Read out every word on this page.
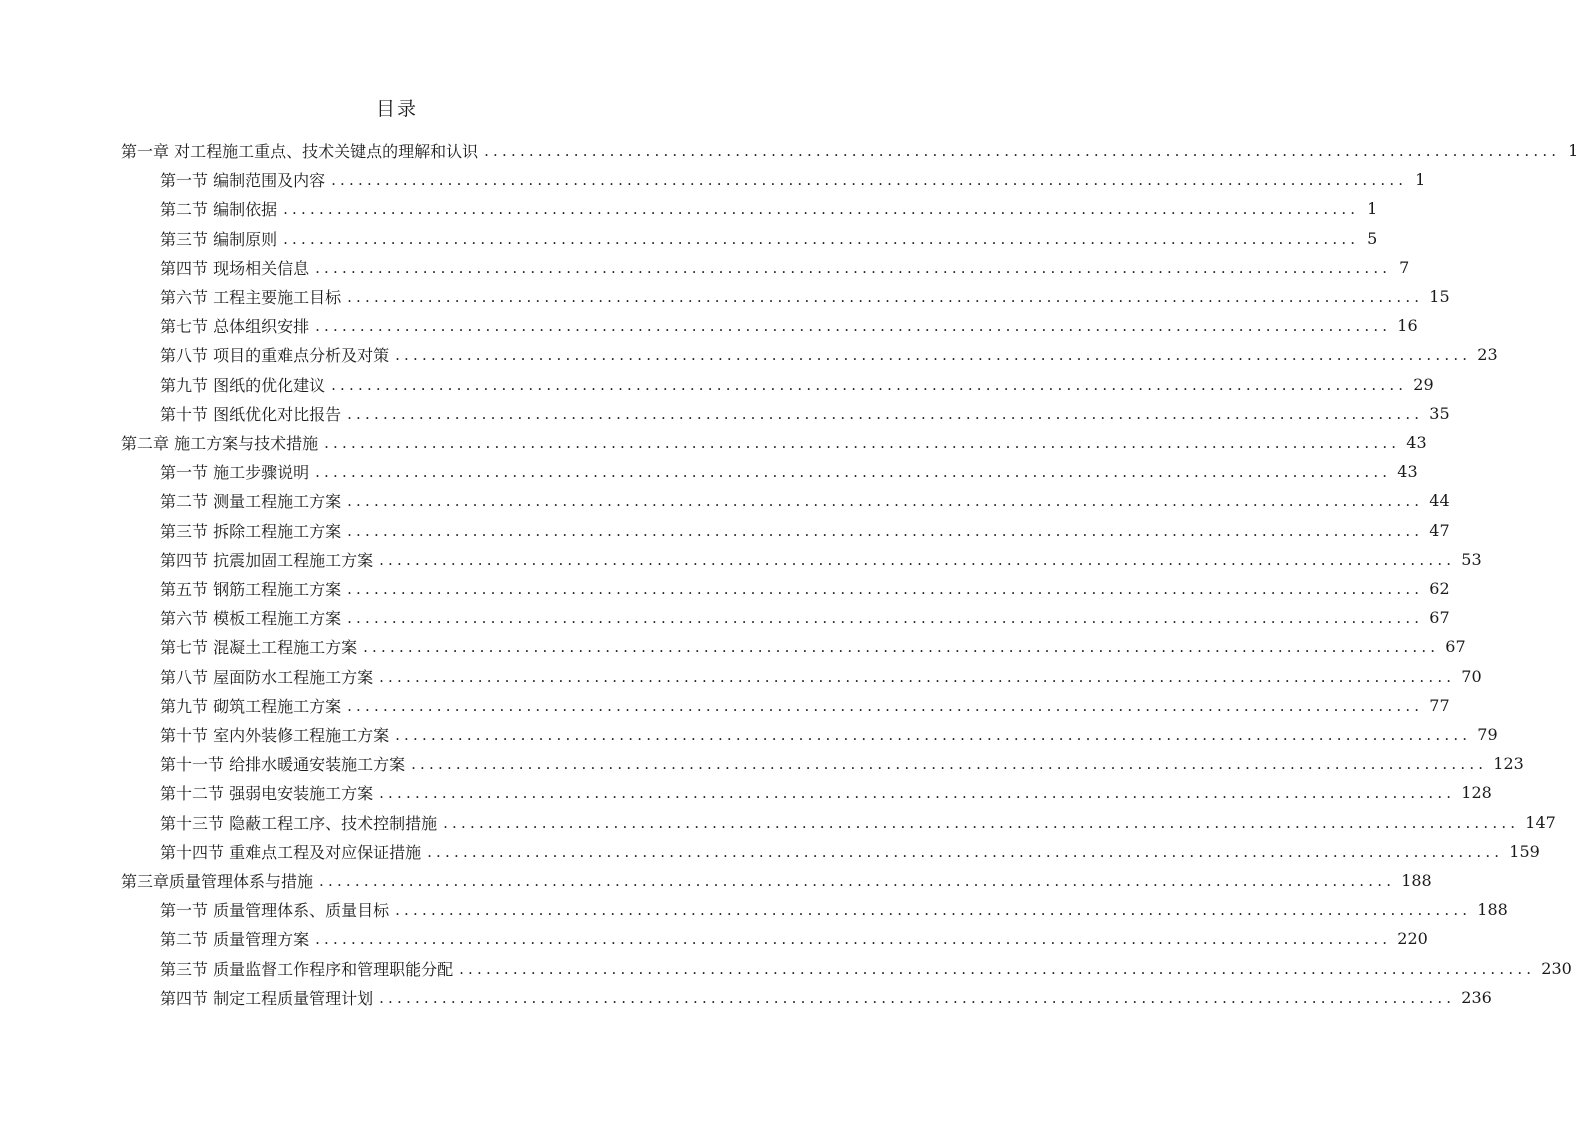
目录
第一章 对工程施工重点、技术关键点的理解和认识 ........................................................................................................................ 1
第一节 编制范围及内容 ........................................................................................................................ 1
第二节 编制依据 ........................................................................................................................ 1
第三节 编制原则 ........................................................................................................................ 5
第四节 现场相关信息 ........................................................................................................................ 7
第六节 工程主要施工目标 ........................................................................................................................ 15
第七节 总体组织安排 ........................................................................................................................ 16
第八节 项目的重难点分析及对策 ........................................................................................................................ 23
第九节 图纸的优化建议 ........................................................................................................................ 29
第十节 图纸优化对比报告 ........................................................................................................................ 35
第二章 施工方案与技术措施 ........................................................................................................................ 43
第一节 施工步骤说明 ........................................................................................................................ 43
第二节 测量工程施工方案 ........................................................................................................................ 44
第三节 拆除工程施工方案 ........................................................................................................................ 47
第四节 抗震加固工程施工方案 ........................................................................................................................ 53
第五节 钢筋工程施工方案 ........................................................................................................................ 62
第六节 模板工程施工方案 ........................................................................................................................ 67
第七节 混凝土工程施工方案 ........................................................................................................................ 67
第八节 屋面防水工程施工方案 ........................................................................................................................ 70
第九节 砌筑工程施工方案 ........................................................................................................................ 77
第十节 室内外装修工程施工方案 ........................................................................................................................ 79
第十一节 给排水暖通安装施工方案 ........................................................................................................................ 123
第十二节 强弱电安装施工方案 ........................................................................................................................ 128
第十三节 隐蔽工程工序、技术控制措施 ........................................................................................................................ 147
第十四节 重难点工程及对应保证措施 ........................................................................................................................ 159
第三章质量管理体系与措施 ........................................................................................................................ 188
第一节 质量管理体系、质量目标 ........................................................................................................................ 188
第二节 质量管理方案 ........................................................................................................................ 220
第三节 质量监督工作程序和管理职能分配 ........................................................................................................................ 230
第四节 制定工程质量管理计划 ........................................................................................................................ 236
